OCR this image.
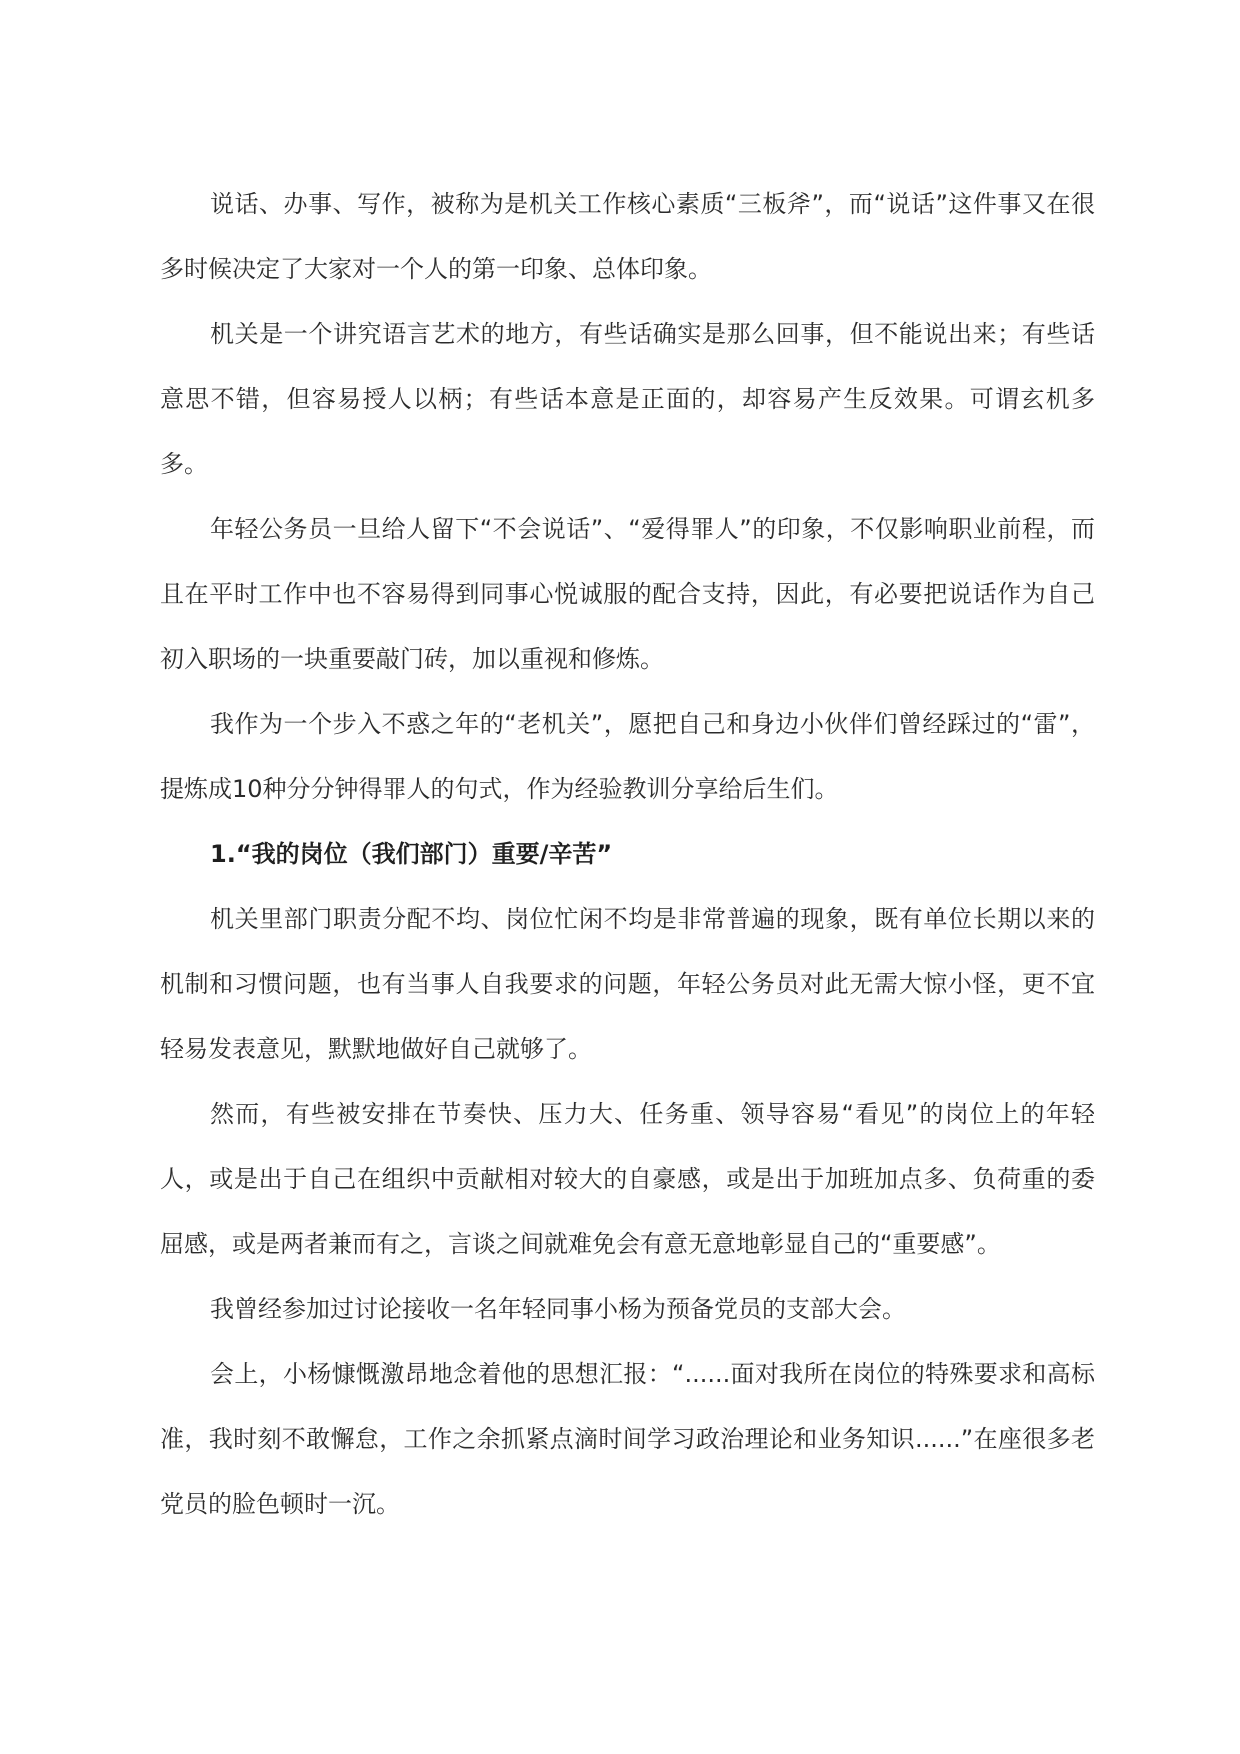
说话、办事、写作，被称为是机关工作核心素质“三板斧”，而“说话”这件事又在很多时候决定了大家对一个人的第一印象、总体印象。

机关是一个讲究语言艺术的地方，有些话确实是那么回事，但不能说出来；有些话意思不错，但容易授人以柄；有些话本意是正面的，却容易产生反效果。可谓玄机多多。

年轻公务员一旦给人留下“不会说话”、“爱得罪人”的印象，不仅影响职业前程，而且在平时工作中也不容易得到同事心悦诚服的配合支持，因此，有必要把说话作为自己初入职场的一块重要敲门砖，加以重视和修炼。

我作为一个步入不惑之年的“老机关”，愿把自己和身边小伙伴们曾经踩过的“雷”，提炼成10种分分钟得罪人的句式，作为经验教训分享给后生们。

1.“我的岗位（我们部门）重要/辛苦”

机关里部门职责分配不均、岗位忙闲不均是非常普遍的现象，既有单位长期以来的机制和习惯问题，也有当事人自我要求的问题，年轻公务员对此无需大惊小怪，更不宜轻易发表意见，默默地做好自己就够了。

然而，有些被安排在节奏快、压力大、任务重、领导容易“看见”的岗位上的年轻人，或是出于自己在组织中贡献相对较大的自豪感，或是出于加班加点多、负荷重的委屈感，或是两者兼而有之，言谈之间就难免会有意无意地彰显自己的“重要感”。

我曾经参加过讨论接收一名年轻同事小杨为预备党员的支部大会。

会上，小杨慷慨激昂地念着他的思想汇报：“......面对我所在岗位的特殊要求和高标准，我时刻不敢懈怠，工作之余抓紧点滴时间学习政治理论和业务知识......”在座很多老党员的脸色顿时一沉。
